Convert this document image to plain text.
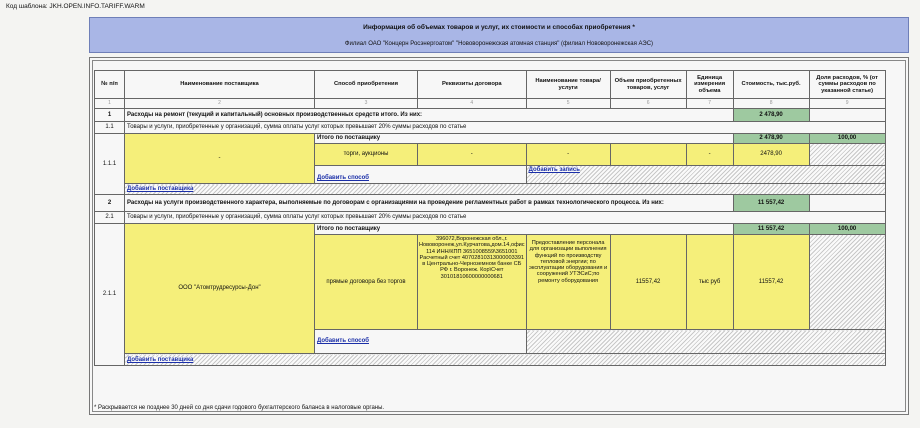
Код шаблона: JKH.OPEN.INFO.TARIFF.WARM
Информация об объемах товаров и услуг, их стоимости и способах приобретения *
Филиал ОАО "Концерн Росэнергоатом" "Нововоронежская атомная станция" (филиал Нововоронежская АЭС)
№ п/п	Наименование поставщика	Способ приобретения	Реквизиты договора	Наименование товара/услуги	Объем приобретенных товаров, услуг	Единица измерения объема	Стоимость, тыс.руб.	Доля расходов, % (от суммы расходов по указанной статье)
1	2	3	4	5	6	7	8	9
1	Расходы на ремонт (текущий и капитальный) основных производственных средств итого. Из них:						2 478,90	
1.1	Товары и услуги, приобретенные у организаций, сумма оплаты услуг которых превышает 20% суммы расходов по статье							
1.1.1	-	Итого по поставщику					2 478,90	100,00
		торги, аукционы	-	-		-	2478,90	
		Добавить способ		Добавить запись				
	Добавить поставщика							
2	Расходы на услуги производственного характера, выполняемые по договорам с организациями на проведение регламентных работ в рамках технологического процесса. Из них:						11 557,42	
2.1	Товары и услуги, приобретенные у организаций, сумма оплаты услуг которых превышает 20% суммы расходов по статье							
2.1.1	ООО "Атомтрудресурсы-Дон"	Итого по поставщику					11 557,42	100,00
		прямые договора без торгов	396072,Воронежская обл.,г. Нововоронеж,ул.Курчатова,дом.14,офис 114 ИНН/КПП 3651008559\3651001 Расчетный счет 40702810313000003391 в Центрально-Черноземном банке СБ РФ г. Воронеж. Кор\Счет 30101810600000000681	Предоставление персонала для организации выполнения функций по производству тепловой энергии; по эксплуатации оборудования и сооружений УТЭСиС;по ремонту оборудования	11557,42	тыс руб	11557,42	
		Добавить способ						
	Добавить поставщика							
* Раскрывается не позднее 30 дней со дня сдачи годового бухгалтерского баланса в налоговые органы.
